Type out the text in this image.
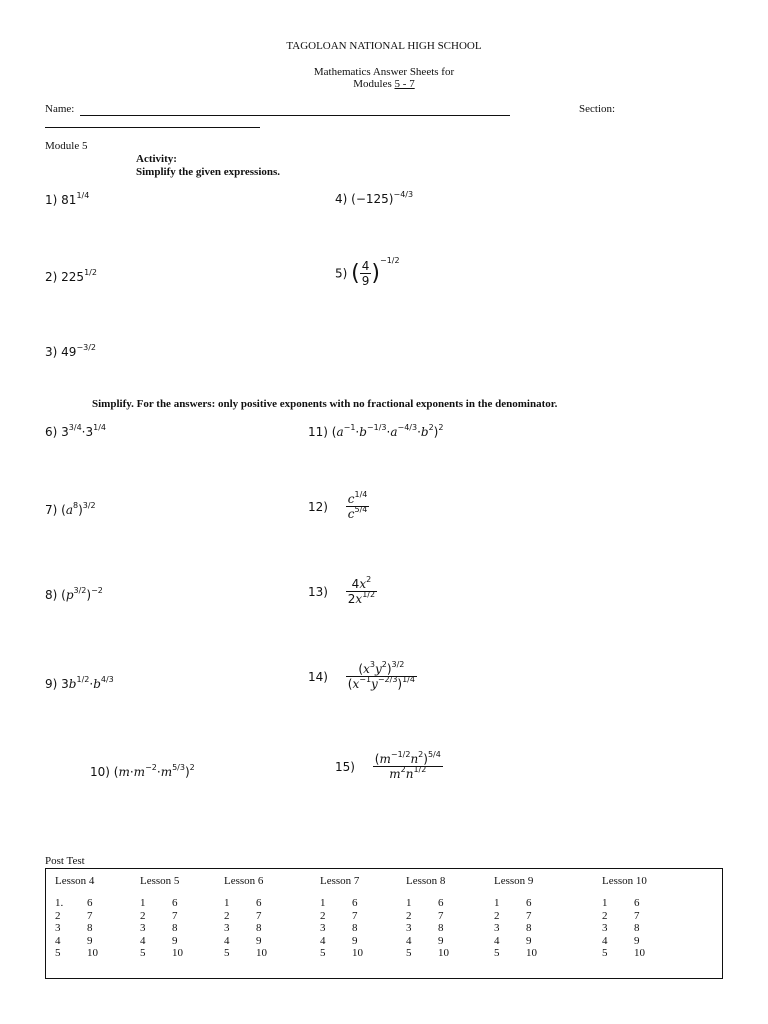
TAGOLOAN NATIONAL HIGH SCHOOL
Mathematics Answer Sheets for
Modules 5 - 7
Name:	Section:
Module 5
Activity:
Simplify the given expressions.
1) $81^{1/4}$	4) $(-125)^{-4/3}$
2) $225^{1/2}$	5) ( $\frac{4}{9} )^{-1/2}$
3) $49^{-3/2}$
Simplify. For the answers: only positive exponents with no fractional exponents in the denominator.
6) $3^{3/4}\cdot 3^{1/4}$	11) $(a^{-1}\cdot b^{-1/3}\cdot a^{-4/3}\cdot b^2)^2$
7) $(a^8)^{3/2}$	$12) \frac{c^{1/4}}{c^{5/4}}$
8) $(p^{3/2})^{-2}$	$13) \frac{4x^2}{2x^{1/2}}$
9) $3b^{1/2}\cdot b^{4/3}$	$14) \frac{(x^3y^2)^{3/2}}{(x^{-1}y^{-2/3})^{1/4}}$
10) $(m\cdot m^{-2}\cdot m^{5/3})^2$	$15) \frac{(m^{-1/2}n^2)^{5/4}}{m^2n^{1/2}}$
Post Test
Lesson 4
1. 6
2 7
3 8
4 9
5 10
Lesson 5
1 6
2 7
3 8
4 9
5 10
Lesson 6
1 6
2 7
3 8
4 9
5 10
Lesson 7
1 6
2 7
3 8
4 9
5 10
Lesson 8
1 6
2 7
3 8
4 9
5 10
Lesson 9
1 6
2 7
3 8
4 9
5 10
Lesson 10
1 6
2 7
3 8
4 9
5 10
